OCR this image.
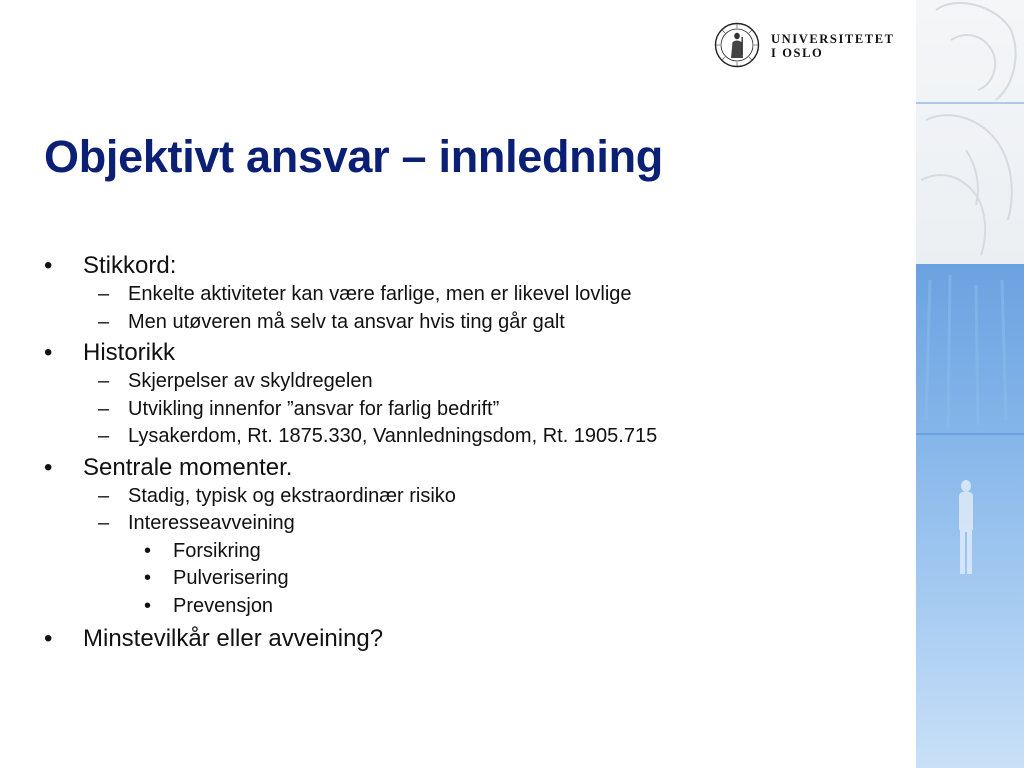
UNIVERSITETET
I OSLO
Objektivt ansvar – innledning
• Stikkord:
– Enkelte aktiviteter kan være farlige, men er likevel lovlige
– Men utøveren må selv ta ansvar hvis ting går galt
• Historikk
– Skjerpelser av skyldregelen
– Utvikling innenfor ”ansvar for farlig bedrift”
– Lysakerdom, Rt. 1875.330, Vannledningsdom, Rt. 1905.715
• Sentrale momenter.
– Stadig, typisk og ekstraordinær risiko
– Interesseavveining
• Forsikring
• Pulverisering
• Prevensjon
• Minstevilkår eller avveining?
